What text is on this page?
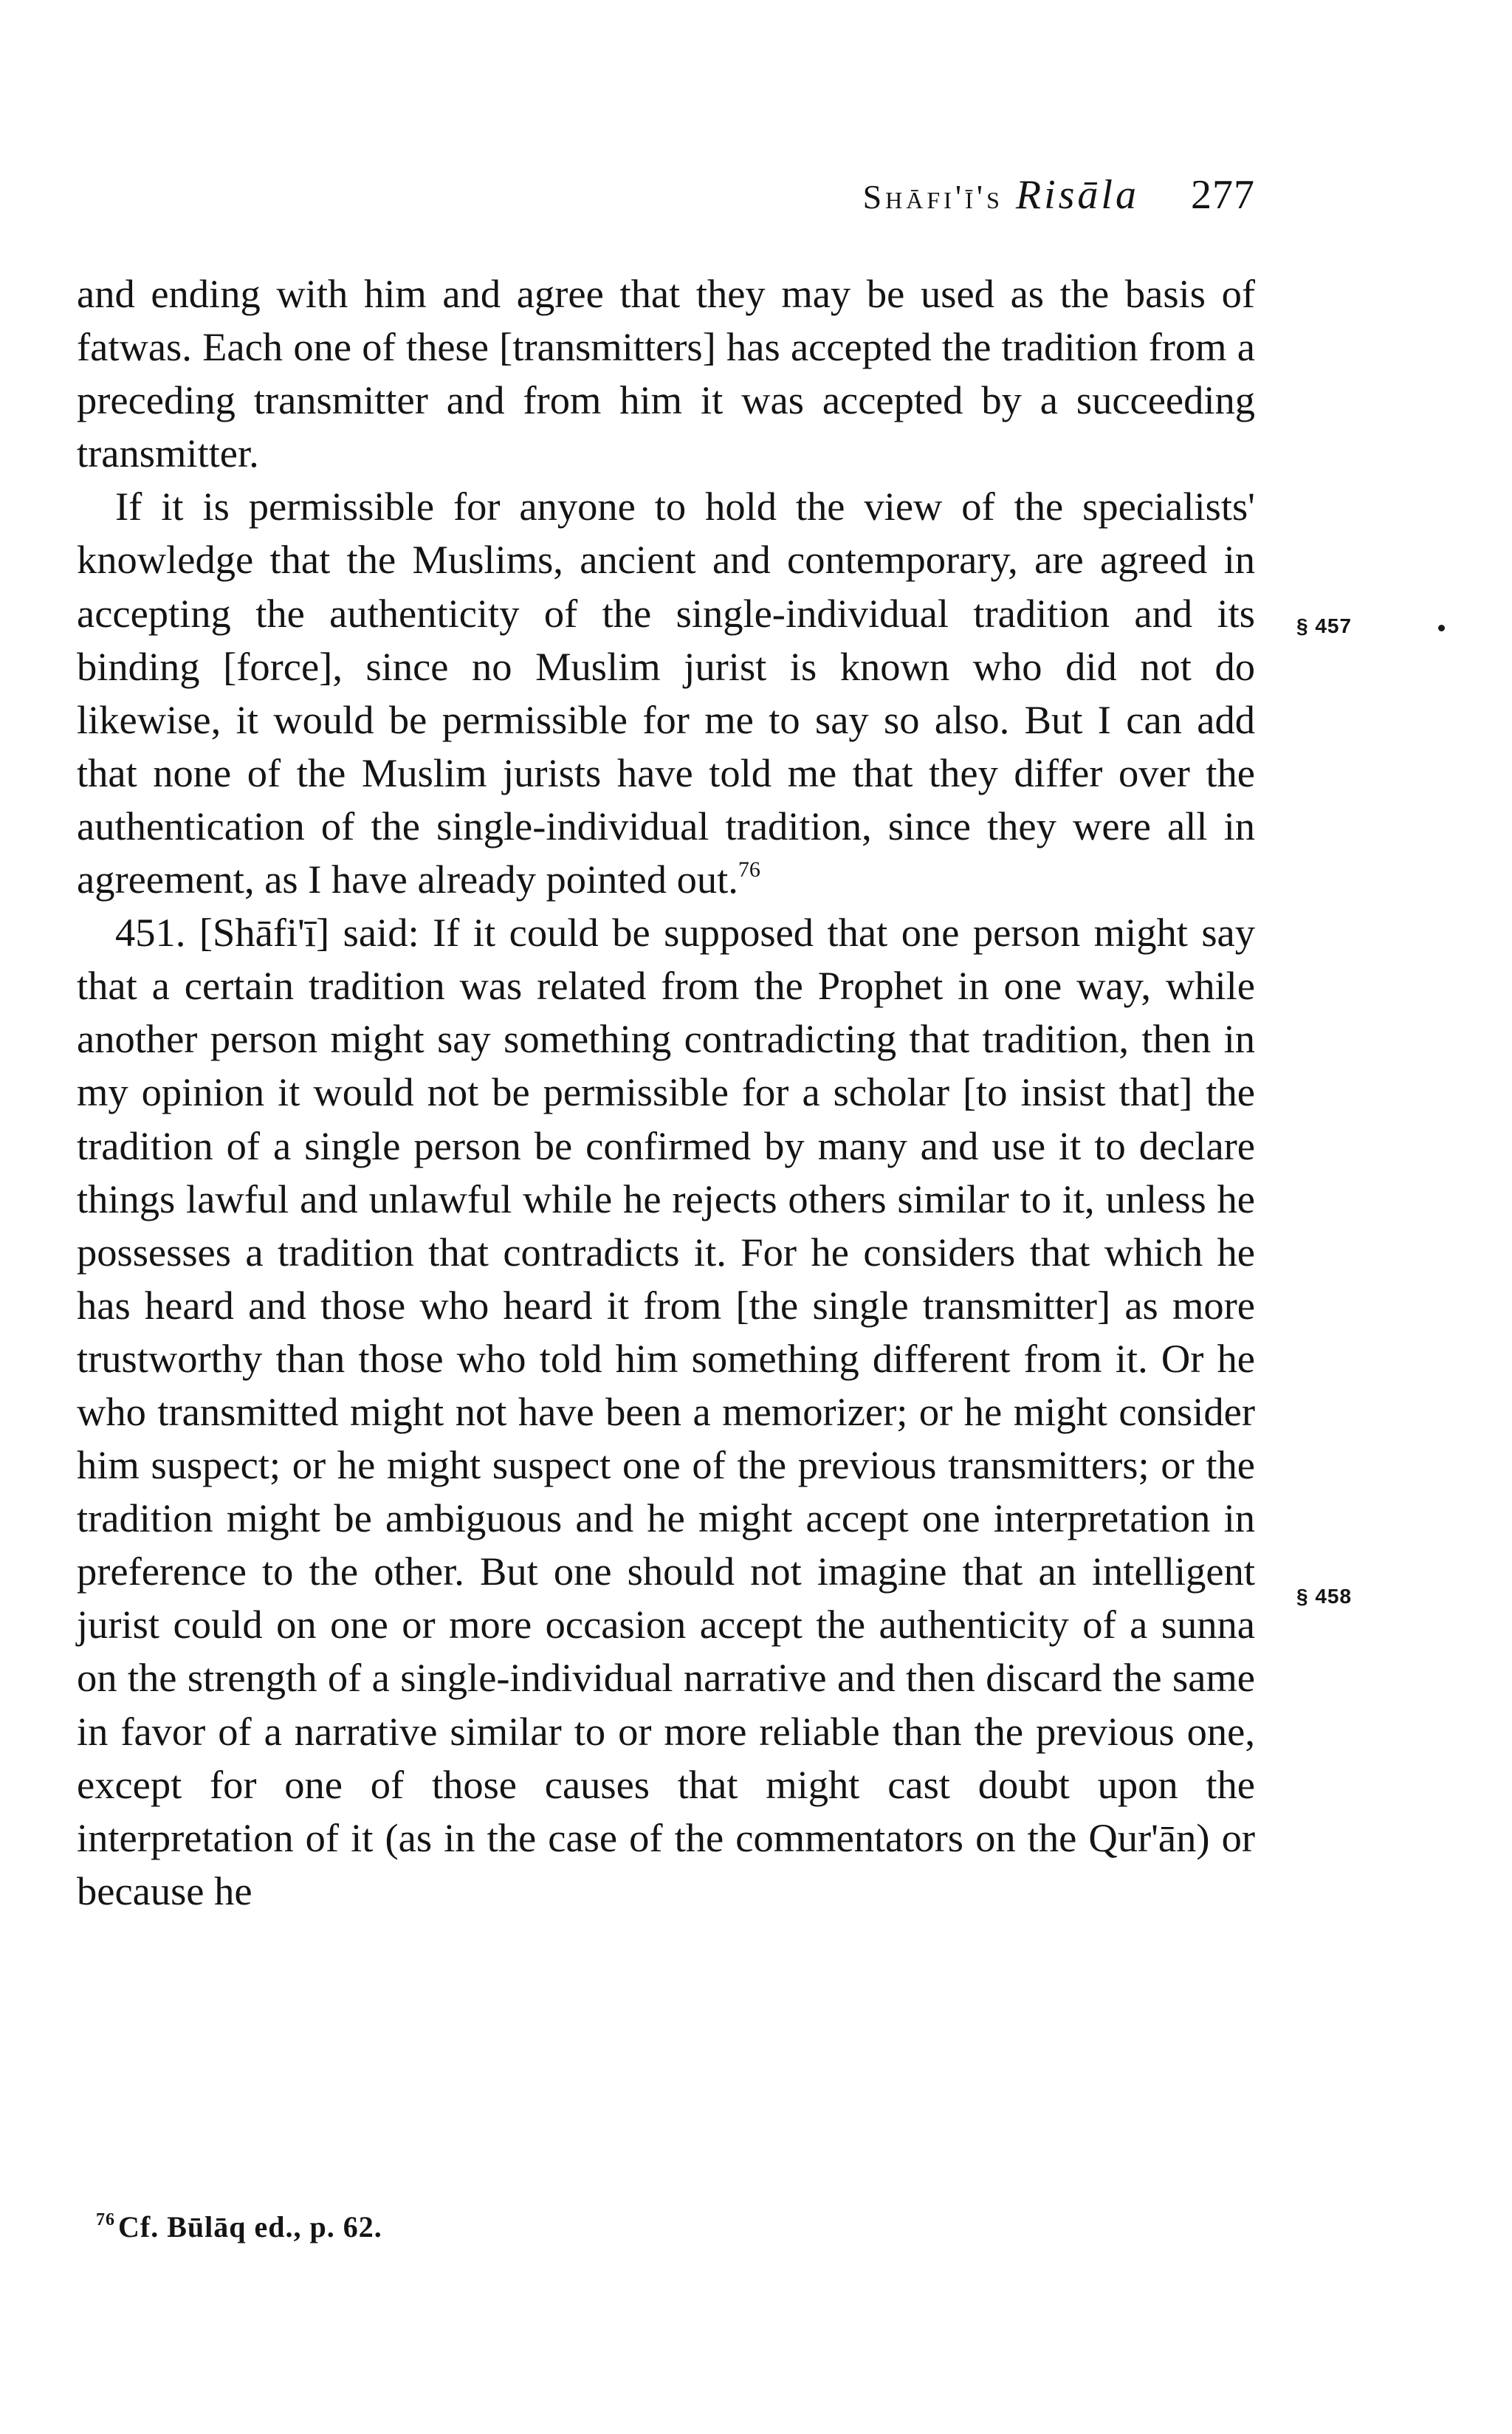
Shāfi'ī's Risāla 277

and ending with him and agree that they may be used as the basis of fatwas. Each one of these [transmitters] has accepted the tradition from a preceding transmitter and from him it was accepted by a succeeding transmitter.

If it is permissible for anyone to hold the view of the specialists' knowledge that the Muslims, ancient and contemporary, are agreed in accepting the authenticity of the single-individual tradition and its binding [force], since no Muslim jurist is known who did not do likewise, it would be permissible for me to say so also. But I can add that none of the Muslim jurists have told me that they differ over the authentication of the single-individual tradition, since they were all in agreement, as I have already pointed out.$^{76}$

451. [Shāfi'ī] said: If it could be supposed that one person might say that a certain tradition was related from the Prophet in one way, while another person might say something contradicting that tradition, then in my opinion it would not be permissible for a scholar [to insist that] the tradition of a single person be confirmed by many and use it to declare things lawful and unlawful while he rejects others similar to it, unless he possesses a tradition that contradicts it. For he considers that which he has heard and those who heard it from [the single transmitter] as more trustworthy than those who told him something different from it. Or he who transmitted might not have been a memorizer; or he might consider him suspect; or he might suspect one of the previous transmitters; or the tradition might be ambiguous and he might accept one interpretation in preference to the other. But one should not imagine that an intelligent jurist could on one or more occasion accept the authenticity of a sunna on the strength of a single-individual narrative and then discard the same in favor of a narrative similar to or more reliable than the previous one, except for one of those causes that might cast doubt upon the interpretation of it (as in the case of the commentators on the Qur'ān) or because he

§ 457
§ 458
$^{76}$ Cf. Būlāq ed., p. 62.
